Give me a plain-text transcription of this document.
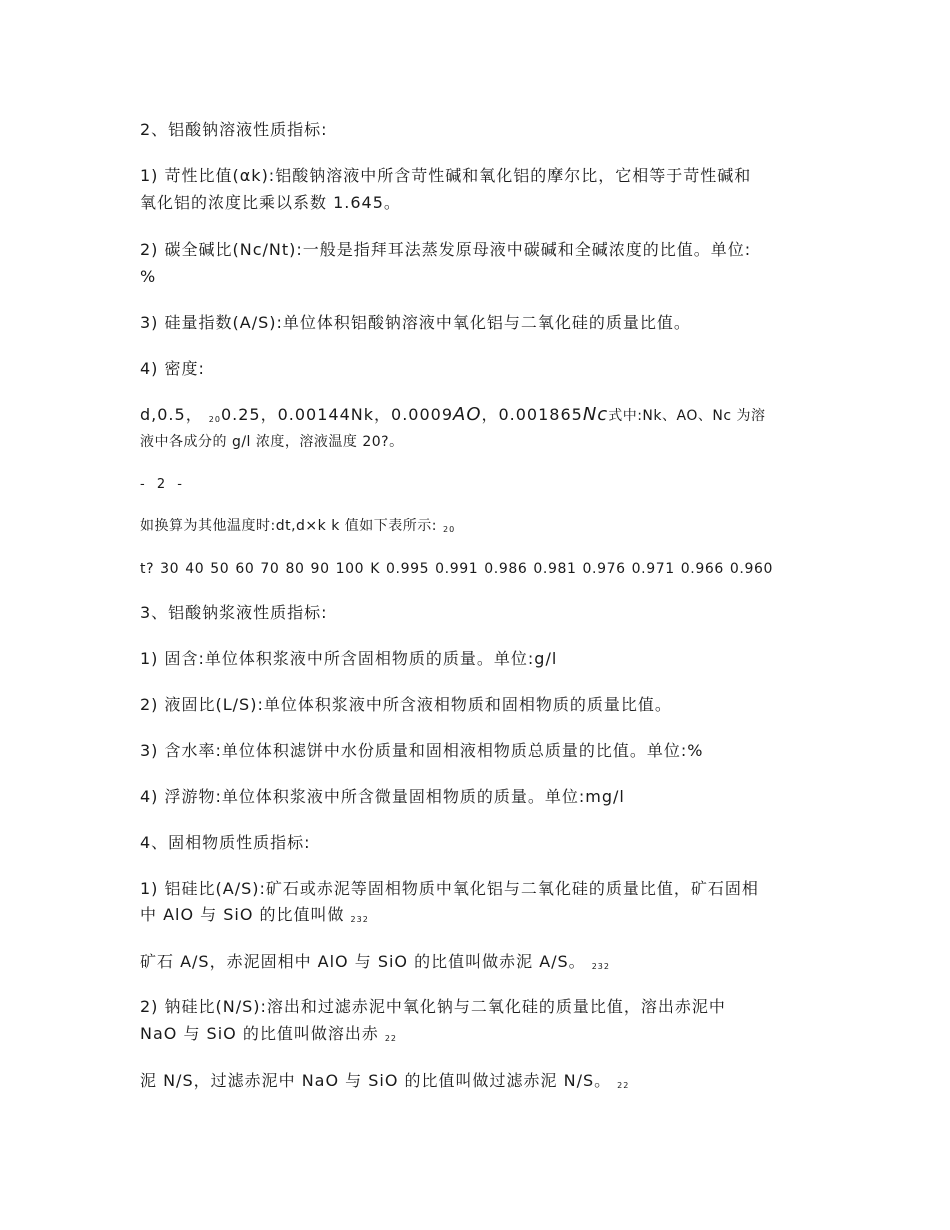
2、铝酸钠溶液性质指标:
1) 苛性比值(αk):铝酸钠溶液中所含苛性碱和氧化铝的摩尔比，它相等于苛性碱和
氧化铝的浓度比乘以系数 1.645。
2) 碳全碱比(Nc/Nt):一般是指拜耳法蒸发原母液中碳碱和全碱浓度的比值。单位:
%
3) 硅量指数(A/S):单位体积铝酸钠溶液中氧化铝与二氧化硅的质量比值。
4) 密度:
d,0.5， 200.25，0.00144Nk，0.0009AO，0.001865Nc式中:Nk、AO、Nc 为溶
液中各成分的 g/l 浓度，溶液温度 20?。
- 2 -
如换算为其他温度时:dt,d×k k 值如下表所示: $_{20}$
t? 30 40 50 60 70 80 90 100 K 0.995 0.991 0.986 0.981 0.976 0.971 0.966 0.960
3、铝酸钠浆液性质指标:
1) 固含:单位体积浆液中所含固相物质的质量。单位:g/l
2) 液固比(L/S):单位体积浆液中所含液相物质和固相物质的质量比值。
3) 含水率:单位体积滤饼中水份质量和固相液相物质总质量的比值。单位:%
4) 浮游物:单位体积浆液中所含微量固相物质的质量。单位:mg/l
4、固相物质性质指标:
1) 铝硅比(A/S):矿石或赤泥等固相物质中氧化铝与二氧化硅的质量比值，矿石固相
中 AlO 与 SiO 的比值叫做 $_{232}$
矿石 A/S，赤泥固相中 AlO 与 SiO 的比值叫做赤泥 A/S。 $_{232}$
2) 钠硅比(N/S):溶出和过滤赤泥中氧化钠与二氧化硅的质量比值，溶出赤泥中
NaO 与 SiO 的比值叫做溶出赤 $_{22}$
泥 N/S，过滤赤泥中 NaO 与 SiO 的比值叫做过滤赤泥 N/S。 $_{22}$
